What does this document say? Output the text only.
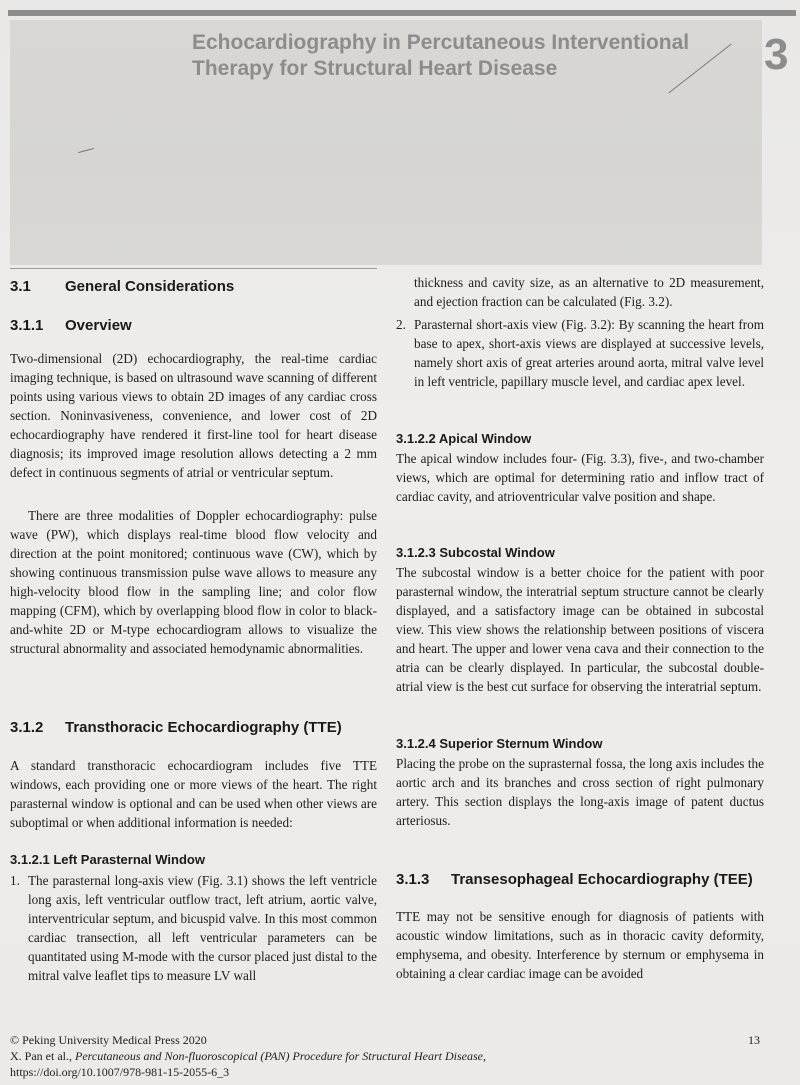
Echocardiography in Percutaneous Interventional Therapy for Structural Heart Disease	3
3.1 General Considerations
3.1.1 Overview

Two-dimensional (2D) echocardiography, the real-time cardiac imaging technique, is based on ultrasound wave scanning of different points using various views to obtain 2D images of any cardiac cross section. Noninvasiveness, convenience, and lower cost of 2D echocardiography have rendered it first-line tool for heart disease diagnosis; its improved image resolution allows detecting a 2 mm defect in continuous segments of atrial or ventricular septum.

There are three modalities of Doppler echocardiography: pulse wave (PW), which displays real-time blood flow velocity and direction at the point monitored; continuous wave (CW), which by showing continuous transmission pulse wave allows to measure any high-velocity blood flow in the sampling line; and color flow mapping (CFM), which by overlapping blood flow in color to black-and-white 2D or M-type echocardiogram allows to visualize the structural abnormality and associated hemodynamic abnormalities.

3.1.2 Transthoracic Echocardiography (TTE)

A standard transthoracic echocardiogram includes five TTE windows, each providing one or more views of the heart. The right parasternal window is optional and can be used when other views are suboptimal or when additional information is needed:

3.1.2.1 Left Parasternal Window
1. The parasternal long-axis view (Fig. 3.1) shows the left ventricle long axis, left ventricular outflow tract, left atrium, aortic valve, interventricular septum, and bicuspid valve. In this most common cardiac transection, all left ventricular parameters can be quantitated using M-mode with the cursor placed just distal to the mitral valve leaflet tips to measure LV wall
thickness and cavity size, as an alternative to 2D measurement, and ejection fraction can be calculated (Fig. 3.2).
2. Parasternal short-axis view (Fig. 3.2): By scanning the heart from base to apex, short-axis views are displayed at successive levels, namely short axis of great arteries around aorta, mitral valve level in left ventricle, papillary muscle level, and cardiac apex level.
3.1.2.2 Apical Window

The apical window includes four- (Fig. 3.3), five-, and two-chamber views, which are optimal for determining ratio and inflow tract of cardiac cavity, and atrioventricular valve position and shape.

3.1.2.3 Subcostal Window

The subcostal window is a better choice for the patient with poor parasternal window, the interatrial septum structure cannot be clearly displayed, and a satisfactory image can be obtained in subcostal view. This view shows the relationship between positions of viscera and heart. The upper and lower vena cava and their connection to the atria can be clearly displayed. In particular, the subcostal double-atrial view is the best cut surface for observing the interatrial septum.

3.1.2.4 Superior Sternum Window

Placing the probe on the suprasternal fossa, the long axis includes the aortic arch and its branches and cross section of right pulmonary artery. This section displays the long-axis image of patent ductus arteriosus.

3.1.3 Transesophageal Echocardiography (TEE)

TTE may not be sensitive enough for diagnosis of patients with acoustic window limitations, such as in thoracic cavity deformity, emphysema, and obesity. Interference by sternum or emphysema in obtaining a clear cardiac image can be avoided

© Peking University Medical Press 2020
X. Pan et al., Percutaneous and Non-fluoroscopical (PAN) Procedure for Structural Heart Disease,
https://doi.org/10.1007/978-981-15-2055-6_3
13
